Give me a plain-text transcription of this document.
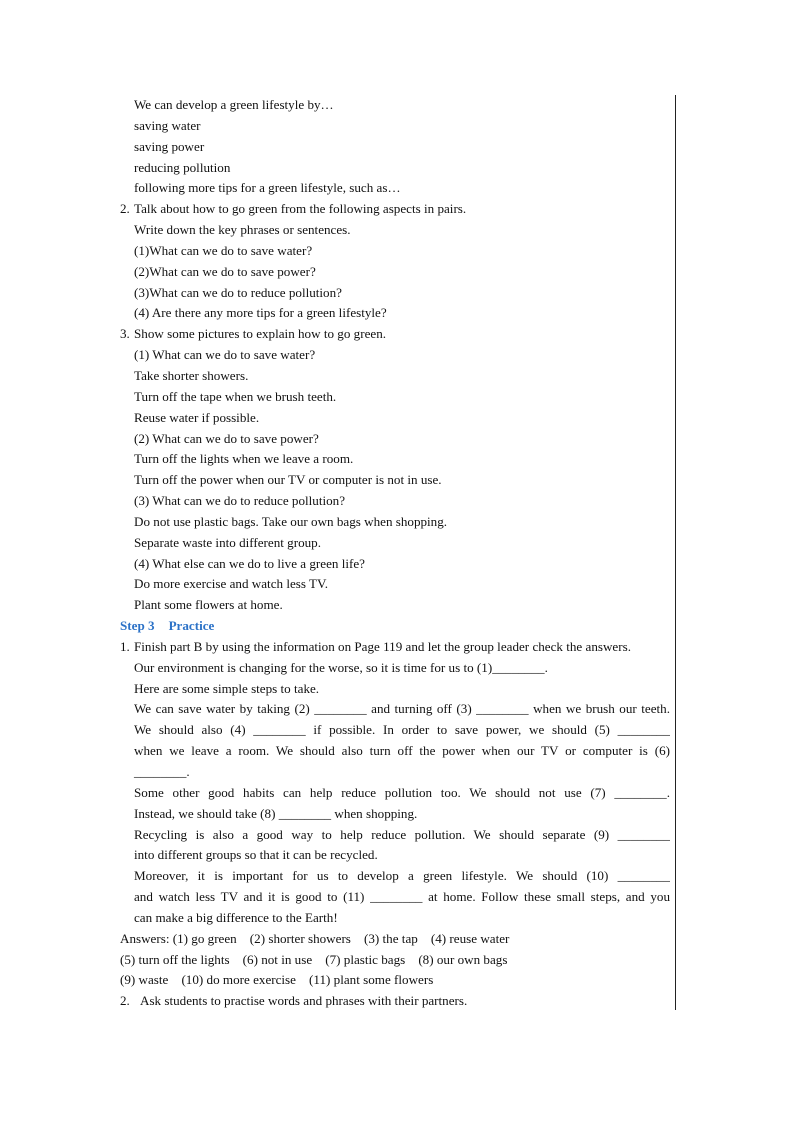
We can develop a green lifestyle by…
saving water
saving power
reducing pollution
following more tips for a green lifestyle, such as…
2. Talk about how to go green from the following aspects in pairs.
Write down the key phrases or sentences.
(1)What can we do to save water?
(2)What can we do to save power?
(3)What can we do to reduce pollution?
(4) Are there any more tips for a green lifestyle?
3. Show some pictures to explain how to go green.
(1) What can we do to save water?
Take shorter showers.
Turn off the tape when we brush teeth.
Reuse water if possible.
(2) What can we do to save power?
Turn off the lights when we leave a room.
Turn off the power when our TV or computer is not in use.
(3) What can we do to reduce pollution?
Do not use plastic bags. Take our own bags when shopping.
Separate waste into different group.
(4) What else can we do to live a green life?
Do more exercise and watch less TV.
Plant some flowers at home.
Step 3 Practice
1. Finish part B by using the information on Page 119 and let the group leader check the answers.
Our environment is changing for the worse, so it is time for us to (1)________.
Here are some simple steps to take.
We can save water by taking (2) ________ and turning off (3) ________ when we brush our teeth.
We should also (4) ________ if possible. In order to save power, we should (5) ________
when we leave a room. We should also turn off the power when our TV or computer is (6)
________.
Some other good habits can help reduce pollution too. We should not use (7) ________.
Instead, we should take (8) ________ when shopping.
Recycling is also a good way to help reduce pollution. We should separate (9) ________
into different groups so that it can be recycled.
Moreover, it is important for us to develop a green lifestyle. We should (10) ________
and watch less TV and it is good to (11) ________ at home. Follow these small steps, and you
can make a big difference to the Earth!
Answers: (1) go green    (2) shorter showers    (3) the tap    (4) reuse water
(5) turn off the lights    (6) not in use    (7) plastic bags    (8) our own bags
(9) waste    (10) do more exercise    (11) plant some flowers
2. Ask students to practise words and phrases with their partners.
